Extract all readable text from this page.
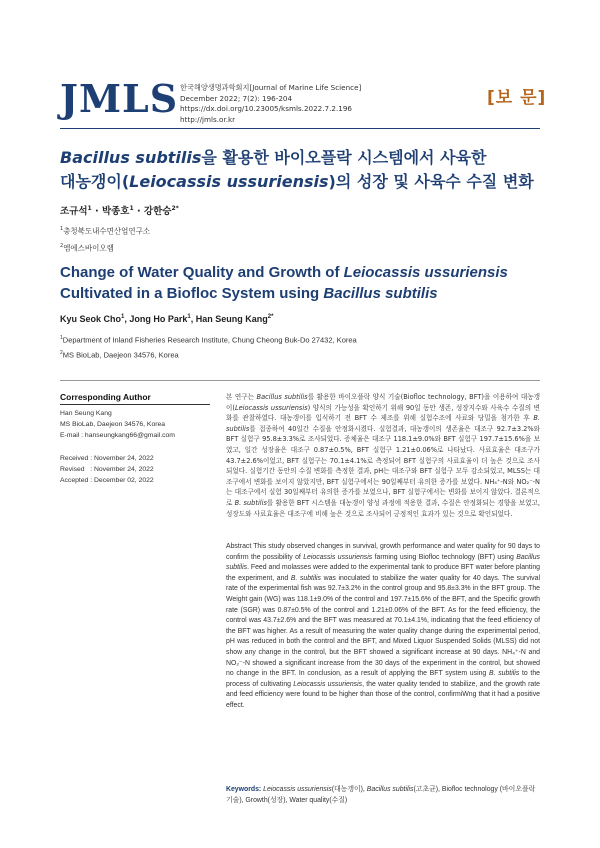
JMLS 한국해양생명과학회지[Journal of Marine Life Science]
December 2022; 7(2): 196-204
https://dx.doi.org/10.23005/ksmls.2022.7.2.196
http://jmls.or.kr
[보 문]
Bacillus subtilis을 활용한 바이오플락 시스템에서 사육한
대농갱이(Leiocassis ussuriensis)의 성장 및 사육수 수질 변화
조규석$^1$ · 박종호$^1$ · 강한승$^{2*}$
$^1$충청북도내수면산업연구소
$^2$엠에스바이오랩
Change of Water Quality and Growth of Leiocassis ussuriensis
Cultivated in a Biofloc System using Bacillus subtilis
Kyu Seok Cho$^1$, Jong Ho Park$^1$, Han Seung Kang$^{2*}$
$^1$Department of Inland Fisheries Research Institute, Chung Cheong Buk-Do 27432, Korea
$^2$MS BioLab, Daejeon 34576, Korea
Corresponding Author
Han Seung Kang
MS BioLab, Daejeon 34576, Korea
E-mail : hanseungkang66@gmail.com
Received : November 24, 2022
Revised   : November 24, 2022
Accepted : December 02, 2022
본 연구는 Bacillus subtilis를 활용한 바이오플락 양식 기술(Biofloc technology, BFT)을 이용하여 대농갱이(Leiocassis ussuriensis) 양식의 가능성을 확인하기 위해 90일 동안 생존, 성장지수와 사육수 수질의 변화를 관찰하였다. 대농갱이를 입식하기 전 BFT 수 제조를 위해 실험수조에 사료와 당밀을 첨가한 후 B. subtilis를 접종하여 40일간 수질을 안정화시켰다. 실험결과, 대농갱이의 생존율은 대조구 92.7±3.2%와 BFT 실험구 95.8±3.3%로 조사되었다. 증체율은 대조구 118.1±9.0%와 BFT 실험구 197.7±15.6%을 보였고, 일간 성장율은 대조구 0.87±0.5%, BFT 실험구 1.21±0.06%로 나타났다. 사료효율은 대조구가 43.7±2.6%이었고, BFT 실험구는 70.1±4.1%로 측정되어 BFT 실험구의 사료효율이 더 높은 것으로 조사되었다. 실험기간 동안의 수질 변화를 측정한 결과, pH는 대조구와 BFT 실험구 모두 감소되었고, MLSS는 대조구에서 변화를 보이지 않았지만, BFT 실험구에서는 90일째부터 유의한 증가를 보였다. NH₄⁺-N와 NO₂⁻-N는 대조구에서 실험 30일째부터 유의한 증가를 보였으나, BFT 실험구에서는 변화를 보이지 않았다. 결론적으로 B. subtilis를 활용한 BFT 시스템을 대농갱이 양성 과정에 적용한 결과, 수질은 안정화되는 경향을 보였고, 성장도와 사료효율은 대조구에 비해 높은 것으로 조사되어 긍정적인 효과가 있는 것으로 확인되었다.
Abstract This study observed changes in survival, growth performance and water quality for 90 days to confirm the possibility of Leiocassis ussuriensis farming using Biofloc technology (BFT) using Bacillus subtilis. Feed and molasses were added to the experimental tank to produce BFT water before planting the experiment, and B. subtilis was inoculated to stabilize the water quality for 40 days. The survival rate of the experimental fish was 92.7±3.2% in the control group and 95.8±3.3% in the BFT group. The Weight gain (WG) was 118.1±9.0% of the control and 197.7±15.6% of the BFT, and the Specific growth rate (SGR) was 0.87±0.5% of the control and 1.21±0.06% of the BFT. As for the feed efficiency, the control was 43.7±2.6% and the BFT was measured at 70.1±4.1%, indicating that the feed efficiency of the BFT was higher. As a result of measuring the water quality change during the experimental period, pH was reduced in both the control and the BFT, and Mixed Liquor Suspended Solids (MLSS) did not show any change in the control, but the BFT showed a significant increase at 90 days. NH₄⁺-N and NO₂⁻-N showed a significant increase from the 30 days of the experiment in the control, but showed no change in the BFT. In conclusion, as a result of applying the BFT system using B. subtilis to the process of cultivating Leiocassis ussuriensis, the water quality tended to stabilize, and the growth rate and feed efficiency were found to be higher than those of the control, confirmiWng that it had a positive effect.
Keywords: Leiocassis ussuriensis(대농갱이), Bacillus subtilis(고초균), Biofloc technology (바이오플락 기술), Growth(성장), Water quality(수질)
